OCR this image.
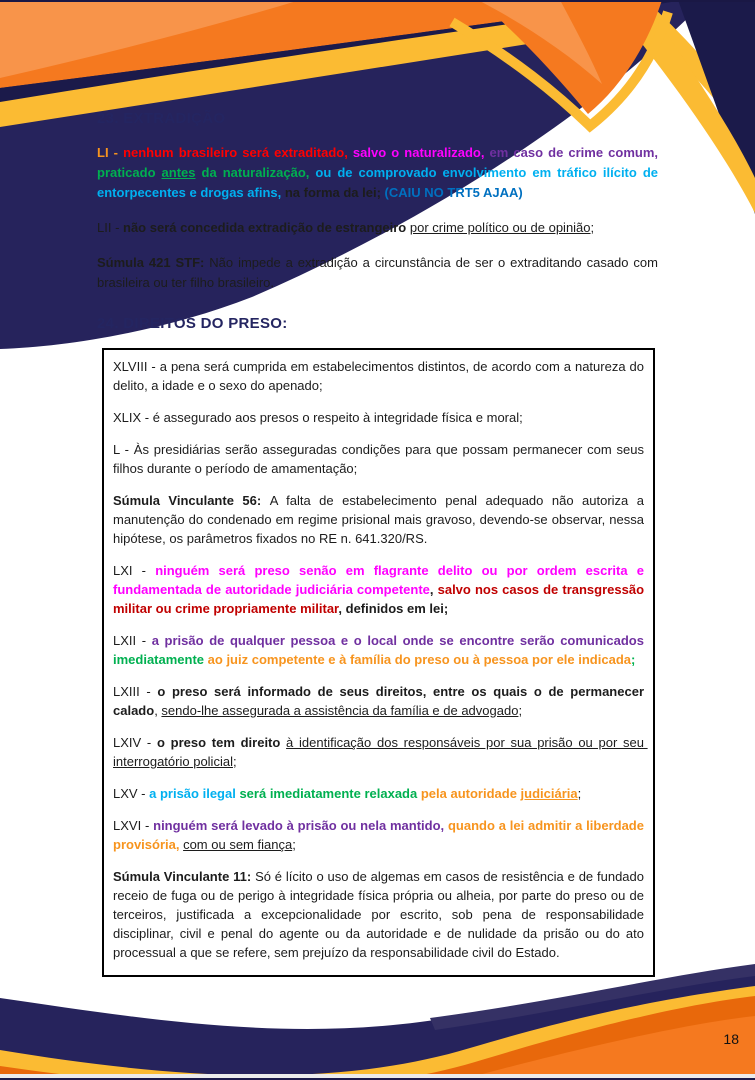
23. EXTRADIÇÃO

LI - nenhum brasileiro será extraditado, salvo o naturalizado, em caso de crime comum, praticado antes da naturalização, ou de comprovado envolvimento em tráfico ilícito de entorpecentes e drogas afins, na forma da lei; (CAIU NO TRT5 AJAA)

LII - não será concedida extradição de estrangeiro por crime político ou de opinião;

Súmula 421 STF: Não impede a extradição a circunstância de ser o extraditando casado com brasileira ou ter filho brasileiro.

24. DIREITOS DO PRESO:

XLVIII - a pena será cumprida em estabelecimentos distintos, de acordo com a natureza do delito, a idade e o sexo do apenado;

XLIX - é assegurado aos presos o respeito à integridade física e moral;

L - Às presidiárias serão asseguradas condições para que possam permanecer com seus filhos durante o período de amamentação;

Súmula Vinculante 56: A falta de estabelecimento penal adequado não autoriza a manutenção do condenado em regime prisional mais gravoso, devendo-se observar, nessa hipótese, os parâmetros fixados no RE n. 641.320/RS.

LXI - ninguém será preso senão em flagrante delito ou por ordem escrita e fundamentada de autoridade judiciária competente, salvo nos casos de transgressão militar ou crime propriamente militar, definidos em lei;

LXII - a prisão de qualquer pessoa e o local onde se encontre serão comunicados imediatamente ao juiz competente e à família do preso ou à pessoa por ele indicada;

LXIII - o preso será informado de seus direitos, entre os quais o de permanecer calado, sendo-lhe assegurada a assistência da família e de advogado;

LXIV - o preso tem direito à identificação dos responsáveis por sua prisão ou por seu interrogatório policial;

LXV - a prisão ilegal será imediatamente relaxada pela autoridade judiciária;

LXVI - ninguém será levado à prisão ou nela mantido, quando a lei admitir a liberdade provisória, com ou sem fiança;

Súmula Vinculante 11: Só é lícito o uso de algemas em casos de resistência e de fundado receio de fuga ou de perigo à integridade física própria ou alheia, por parte do preso ou de terceiros, justificada a excepcionalidade por escrito, sob pena de responsabilidade disciplinar, civil e penal do agente ou da autoridade e de nulidade da prisão ou do ato processual a que se refere, sem prejuízo da responsabilidade civil do Estado.

18
